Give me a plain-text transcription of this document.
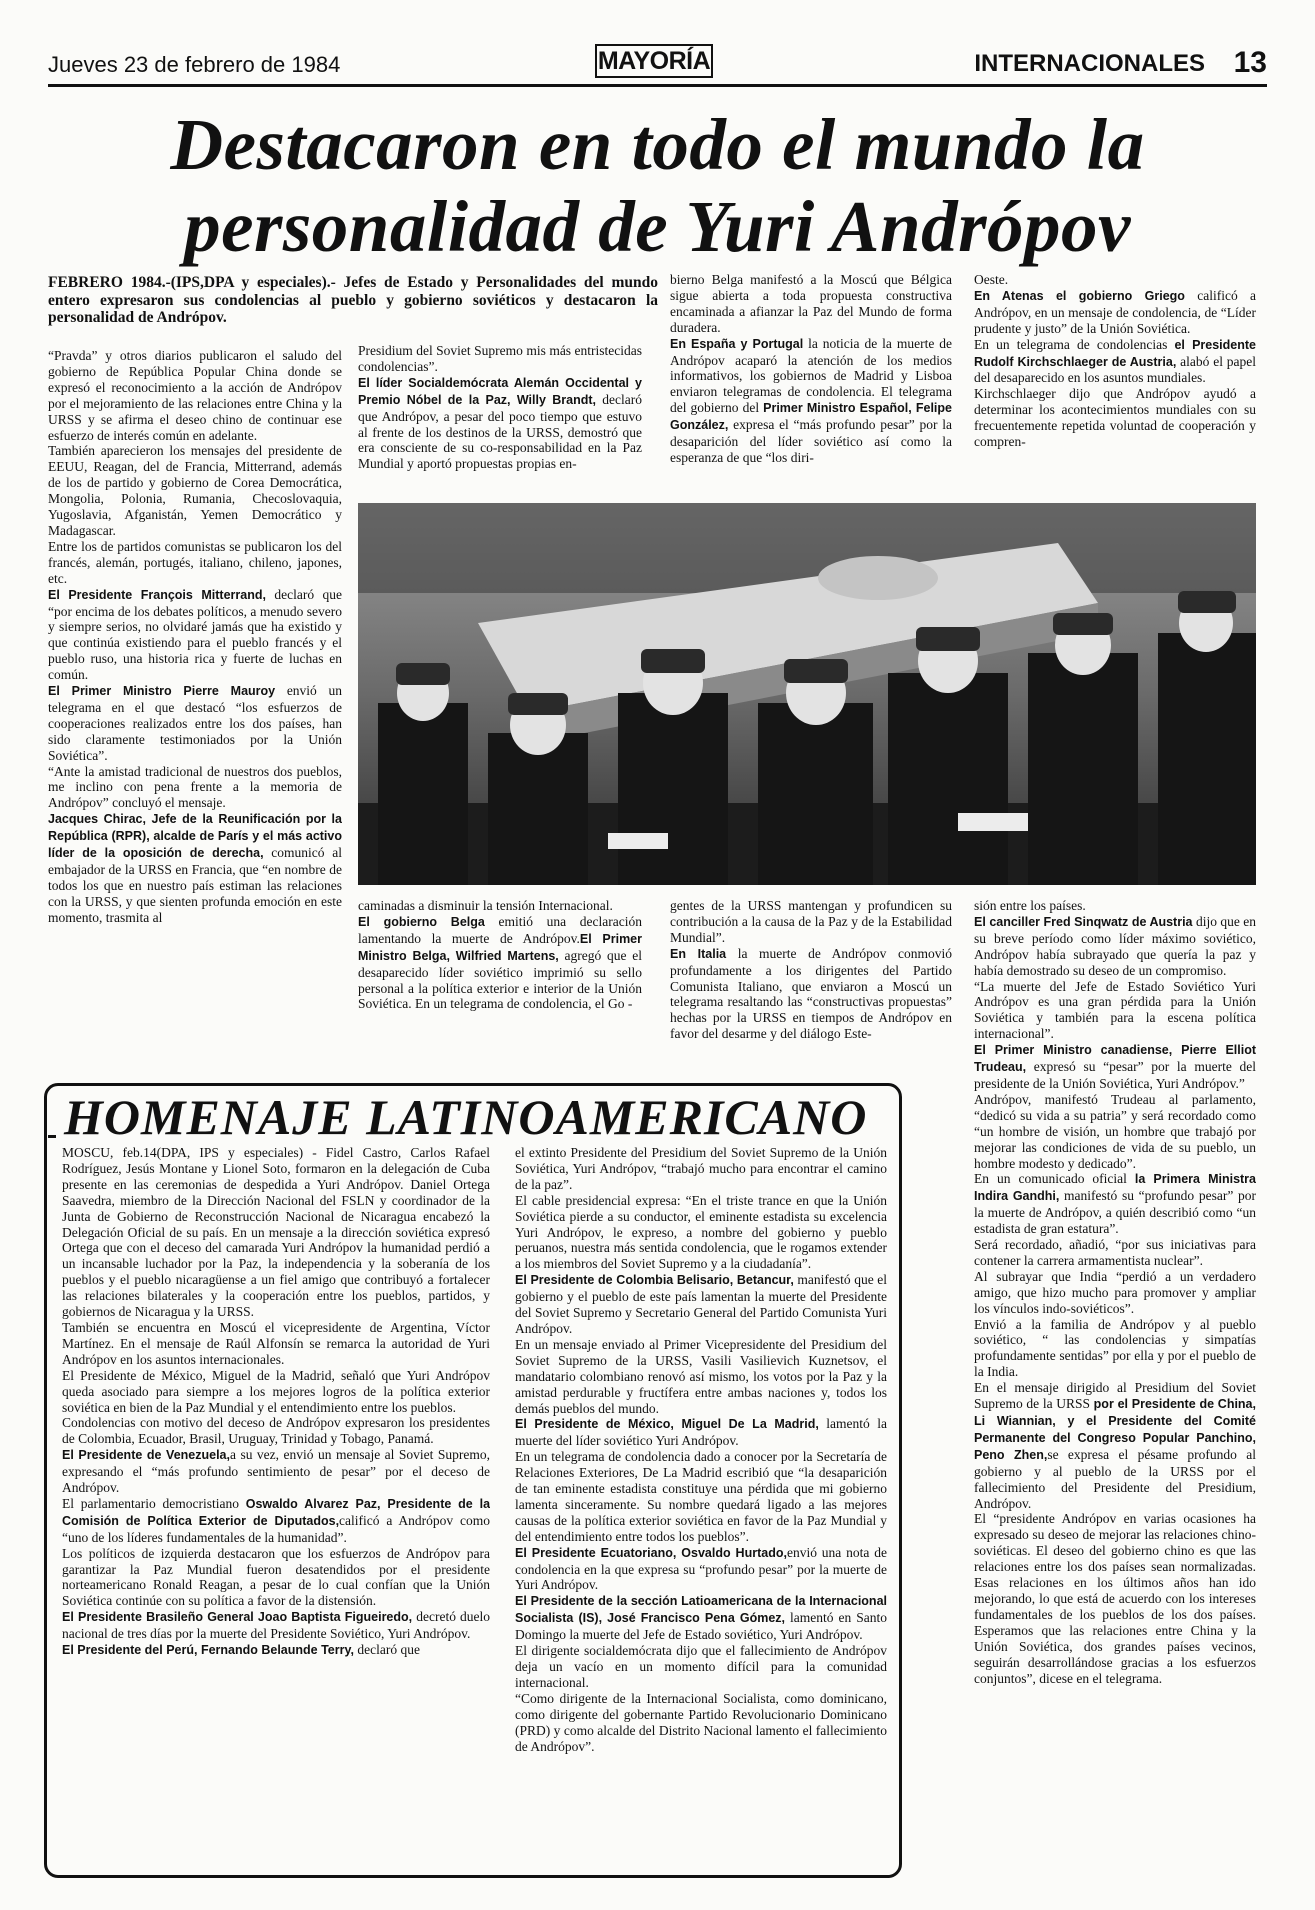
Jueves 23 de febrero de 1984	MAYORÍA	INTERNACIONALES 13
Destacaron en todo el mundo la
personalidad de Yuri Andrópov

FEBRERO 1984.-(IPS,DPA y especiales).- Jefes de Estado y Personalidades del mundo entero expresaron sus condolencias al pueblo y gobierno soviéticos y destacaron la personalidad de Andrópov.

“Pravda” y otros diarios publicaron el saludo del gobierno de República Popular China donde se expresó el reconocimiento a la acción de Andrópov por el mejoramiento de las relaciones entre China y la URSS y se afirma el deseo chino de continuar ese esfuerzo de interés común en adelante.

También aparecieron los mensajes del presidente de EEUU, Reagan, del de Francia, Mitterrand, además de los de partido y gobierno de Corea Democrática, Mongolia, Polonia, Rumania, Checoslovaquia, Yugoslavia, Afganistán, Yemen Democrático y Madagascar.

Entre los de partidos comunistas se publicaron los del francés, alemán, portugés, italiano, chileno, japones, etc.

El Presidente François Mitterrand, declaró que “por encima de los debates políticos, a menudo severo y siempre serios, no olvidaré jamás que ha existido y que continúa existiendo para el pueblo francés y el pueblo ruso, una historia rica y fuerte de luchas en común.

El Primer Ministro Pierre Mauroy envió un telegrama en el que destacó “los esfuerzos de cooperaciones realizados entre los dos países, han sido claramente testimoniados por la Unión Soviética”.

“Ante la amistad tradicional de nuestros dos pueblos, me inclino con pena frente a la memoria de Andrópov” concluyó el mensaje.

Jacques Chirac, Jefe de la Reunificación por la República (RPR), alcalde de París y el más activo líder de la oposición de derecha, comunicó al embajador de la URSS en Francia, que “en nombre de todos los que en nuestro país estiman las relaciones con la URSS, y que sienten profunda emoción en este momento, trasmita al

Presidium del Soviet Supremo mis más entristecidas condolencias”.

El líder Socialdemócrata Alemán Occidental y Premio Nóbel de la Paz, Willy Brandt, declaró que Andrópov, a pesar del poco tiempo que estuvo al frente de los destinos de la URSS, demostró que era consciente de su co-responsabilidad en la Paz Mundial y aportó propuestas propias en-

bierno Belga manifestó a la Moscú que Bélgica sigue abierta a toda propuesta constructiva encaminada a afianzar la Paz del Mundo de forma duradera.

En España y Portugal la noticia de la muerte de Andrópov acaparó la atención de los medios informativos, los gobiernos de Madrid y Lisboa enviaron telegramas de condolencia. El telegrama del gobierno del Primer Ministro Español, Felipe González, expresa el “más profundo pesar” por la desaparición del líder soviético así como la esperanza de que “los diri-

Oeste.

En Atenas el gobierno Griego calificó a Andrópov, en un mensaje de condolencia, de “Líder prudente y justo” de la Unión Soviética.

En un telegrama de condolencias el Presidente Rudolf Kirchschlaeger de Austria, alabó el papel del desaparecido en los asuntos mundiales.

Kirchschlaeger dijo que Andrópov ayudó a determinar los acontecimientos mundiales con su frecuentemente repetida voluntad de cooperación y compren-

caminadas a disminuir la tensión Internacional.

El gobierno Belga emitió una declaración lamentando la muerte de Andrópov.El Primer Ministro Belga, Wilfried Martens, agregó que el desaparecido líder soviético imprimió su sello personal a la política exterior e interior de la Unión Soviética. En un telegrama de condolencia, el Go -

gentes de la URSS mantengan y profundicen su contribución a la causa de la Paz y de la Estabilidad Mundial”.

En Italia la muerte de Andrópov conmovió profundamente a los dirigentes del Partido Comunista Italiano, que enviaron a Moscú un telegrama resaltando las “constructivas propuestas” hechas por la URSS en tiempos de Andrópov en favor del desarme y del diálogo Este-

sión entre los países.

El canciller Fred Sinqwatz de Austria dijo que en su breve período como líder máximo soviético, Andrópov había subrayado que quería la paz y había demostrado su deseo de un compromiso.

“La muerte del Jefe de Estado Soviético Yuri Andrópov es una gran pérdida para la Unión Soviética y también para la escena política internacional”.

El Primer Ministro canadiense, Pierre Elliot Trudeau, expresó su “pesar” por la muerte del presidente de la Unión Soviética, Yuri Andrópov.”

Andrópov, manifestó Trudeau al parlamento, “dedicó su vida a su patria” y será recordado como “un hombre de visión, un hombre que trabajó por mejorar las condiciones de vida de su pueblo, un hombre modesto y dedicado”.

En un comunicado oficial la Primera Ministra Indira Gandhi, manifestó su “profundo pesar” por la muerte de Andrópov, a quién describió como “un estadista de gran estatura”.

Será recordado, añadió, “por sus iniciativas para contener la carrera armamentista nuclear”.

Al subrayar que India “perdió a un verdadero amigo, que hizo mucho para promover y ampliar los vínculos indo-soviéticos”.

Envió a la familia de Andrópov y al pueblo soviético, “ las condolencias y simpatías profundamente sentidas” por ella y por el pueblo de la India.

En el mensaje dirigido al Presidium del Soviet Supremo de la URSS por el Presidente de China, Li Wiannian, y el Presidente del Comité Permanente del Congreso Popular Panchino, Peno Zhen,se expresa el pésame profundo al gobierno y al pueblo de la URSS por el fallecimiento del Presidente del Presidium, Andrópov.

El “presidente Andrópov en varias ocasiones ha expresado su deseo de mejorar las relaciones chino-soviéticas. El deseo del gobierno chino es que las relaciones entre los dos países sean normalizadas. Esas relaciones en los últimos años han ido mejorando, lo que está de acuerdo con los intereses fundamentales de los pueblos de los dos países. Esperamos que las relaciones entre China y la Unión Soviética, dos grandes países vecinos, seguirán desarrollándose gracias a los esfuerzos conjuntos”, dicese en el telegrama.

HOMENAJE LATINOAMERICANO

MOSCU, feb.14(DPA, IPS y especiales) - Fidel Castro, Carlos Rafael Rodríguez, Jesús Montane y Lionel Soto, formaron en la delegación de Cuba presente en las ceremonias de despedida a Yuri Andrópov. Daniel Ortega Saavedra, miembro de la Dirección Nacional del FSLN y coordinador de la Junta de Gobierno de Reconstrucción Nacional de Nicaragua encabezó la Delegación Oficial de su país. En un mensaje a la dirección soviética expresó Ortega que con el deceso del camarada Yuri Andrópov la humanidad perdió a un incansable luchador por la Paz, la independencia y la soberanía de los pueblos y el pueblo nicaragüense a un fiel amigo que contribuyó a fortalecer las relaciones bilaterales y la cooperación entre los pueblos, partidos, y gobiernos de Nicaragua y la URSS.

También se encuentra en Moscú el vicepresidente de Argentina, Víctor Martínez. En el mensaje de Raúl Alfonsín se remarca la autoridad de Yuri Andrópov en los asuntos internacionales.

El Presidente de México, Miguel de la Madrid, señaló que Yuri Andrópov queda asociado para siempre a los mejores logros de la política exterior soviética en bien de la Paz Mundial y el entendimiento entre los pueblos.

Condolencias con motivo del deceso de Andrópov expresaron los presidentes de Colombia, Ecuador, Brasil, Uruguay, Trinidad y Tobago, Panamá.

El Presidente de Venezuela,a su vez, envió un mensaje al Soviet Supremo, expresando el “más profundo sentimiento de pesar” por el deceso de Andrópov.

El parlamentario democristiano Oswaldo Alvarez Paz, Presidente de la Comisión de Política Exterior de Diputados,calificó a Andrópov como “uno de los líderes fundamentales de la humanidad”.

Los políticos de izquierda destacaron que los esfuerzos de Andrópov para garantizar la Paz Mundial fueron desatendidos por el presidente norteamericano Ronald Reagan, a pesar de lo cual confían que la Unión Soviética continúe con su política a favor de la distensión.

El Presidente Brasileño General Joao Baptista Figueiredo, decretó duelo nacional de tres días por la muerte del Presidente Soviético, Yuri Andrópov.

El Presidente del Perú, Fernando Belaunde Terry, declaró que

el extinto Presidente del Presidium del Soviet Supremo de la Unión Soviética, Yuri Andrópov, “trabajó mucho para encontrar el camino de la paz”.

El cable presidencial expresa: “En el triste trance en que la Unión Soviética pierde a su conductor, el eminente estadista su excelencia Yuri Andrópov, le expreso, a nombre del gobierno y pueblo peruanos, nuestra más sentida condolencia, que le rogamos extender a los miembros del Soviet Supremo y a la ciudadanía”.

El Presidente de Colombia Belisario, Betancur, manifestó que el gobierno y el pueblo de este país lamentan la muerte del Presidente del Soviet Supremo y Secretario General del Partido Comunista Yuri Andrópov.

En un mensaje enviado al Primer Vicepresidente del Presidium del Soviet Supremo de la URSS, Vasili Vasilievich Kuznetsov, el mandatario colombiano renovó así mismo, los votos por la Paz y la amistad perdurable y fructífera entre ambas naciones y, todos los demás pueblos del mundo.

El Presidente de México, Miguel De La Madrid, lamentó la muerte del líder soviético Yuri Andrópov.

En un telegrama de condolencia dado a conocer por la Secretaría de Relaciones Exteriores, De La Madrid escribió que “la desaparición de tan eminente estadista constituye una pérdida que mi gobierno lamenta sinceramente. Su nombre quedará ligado a las mejores causas de la política exterior soviética en favor de la Paz Mundial y del entendimiento entre todos los pueblos”.

El Presidente Ecuatoriano, Osvaldo Hurtado,envió una nota de condolencia en la que expresa su “profundo pesar” por la muerte de Yuri Andrópov.

El Presidente de la sección Latioamericana de la Internacional Socialista (IS), José Francisco Pena Gómez, lamentó en Santo Domingo la muerte del Jefe de Estado soviético, Yuri Andrópov.

El dirigente socialdemócrata dijo que el fallecimiento de Andrópov deja un vacío en un momento difícil para la comunidad internacional.

“Como dirigente de la Internacional Socialista, como dominicano, como dirigente del gobernante Partido Revolucionario Dominicano (PRD) y como alcalde del Distrito Nacional lamento el fallecimiento de Andrópov”.
